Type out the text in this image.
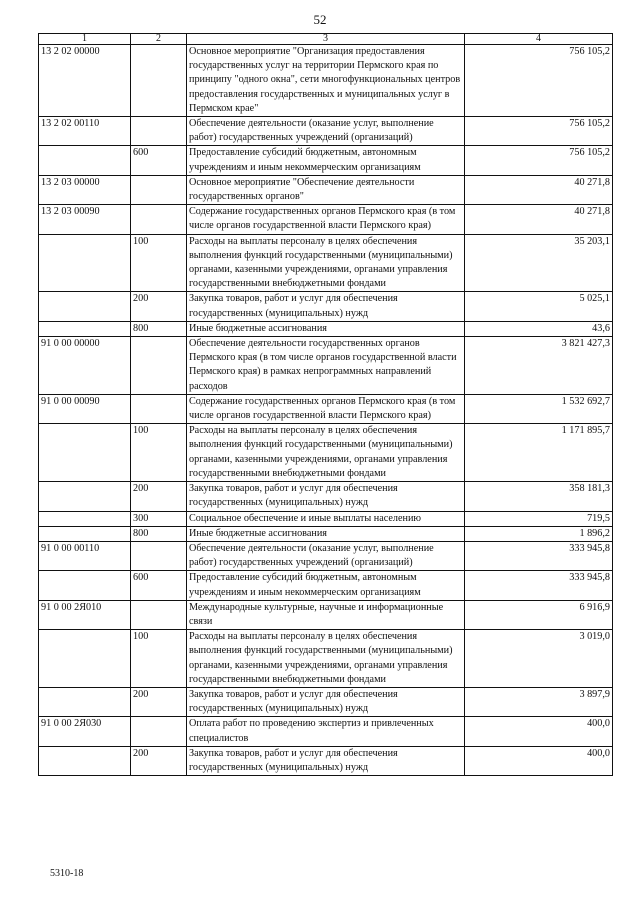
52
1	2	3	4
13 2 02 00000		Основное мероприятие "Организация предоставления государственных услуг на территории Пермского края по принципу "одного окна", сети многофункциональных центров предоставления государственных и муниципальных услуг в Пермском крае"	756 105,2
13 2 02 00110		Обеспечение деятельности (оказание услуг, выполнение работ) государственных учреждений (организаций)	756 105,2
	600	Предоставление субсидий бюджетным, автономным учреждениям и иным некоммерческим организациям	756 105,2
13 2 03 00000		Основное мероприятие "Обеспечение деятельности государственных органов"	40 271,8
13 2 03 00090		Содержание государственных органов Пермского края (в том числе органов государственной власти Пермского края)	40 271,8
	100	Расходы на выплаты персоналу в целях обеспечения выполнения функций государственными (муниципальными) органами, казенными учреждениями, органами управления государственными внебюджетными фондами	35 203,1
	200	Закупка товаров, работ и услуг для обеспечения государственных (муниципальных) нужд	5 025,1
	800	Иные бюджетные ассигнования	43,6
91 0 00 00000		Обеспечение деятельности государственных органов Пермского края (в том числе органов государственной власти Пермского края) в рамках непрограммных направлений расходов	3 821 427,3
91 0 00 00090		Содержание государственных органов Пермского края (в том числе органов государственной власти Пермского края)	1 532 692,7
	100	Расходы на выплаты персоналу в целях обеспечения выполнения функций государственными (муниципальными) органами, казенными учреждениями, органами управления государственными внебюджетными фондами	1 171 895,7
	200	Закупка товаров, работ и услуг для обеспечения государственных (муниципальных) нужд	358 181,3
	300	Социальное обеспечение и иные выплаты населению	719,5
	800	Иные бюджетные ассигнования	1 896,2
91 0 00 00110		Обеспечение деятельности (оказание услуг, выполнение работ) государственных учреждений (организаций)	333 945,8
	600	Предоставление субсидий бюджетным, автономным учреждениям и иным некоммерческим организациям	333 945,8
91 0 00 2Я010		Международные культурные, научные и информационные связи	6 916,9
	100	Расходы на выплаты персоналу в целях обеспечения выполнения функций государственными (муниципальными) органами, казенными учреждениями, органами управления государственными внебюджетными фондами	3 019,0
	200	Закупка товаров, работ и услуг для обеспечения государственных (муниципальных) нужд	3 897,9
91 0 00 2Я030		Оплата работ по проведению экспертиз и привлеченных специалистов	400,0
	200	Закупка товаров, работ и услуг для обеспечения государственных (муниципальных) нужд	400,0
5310-18
